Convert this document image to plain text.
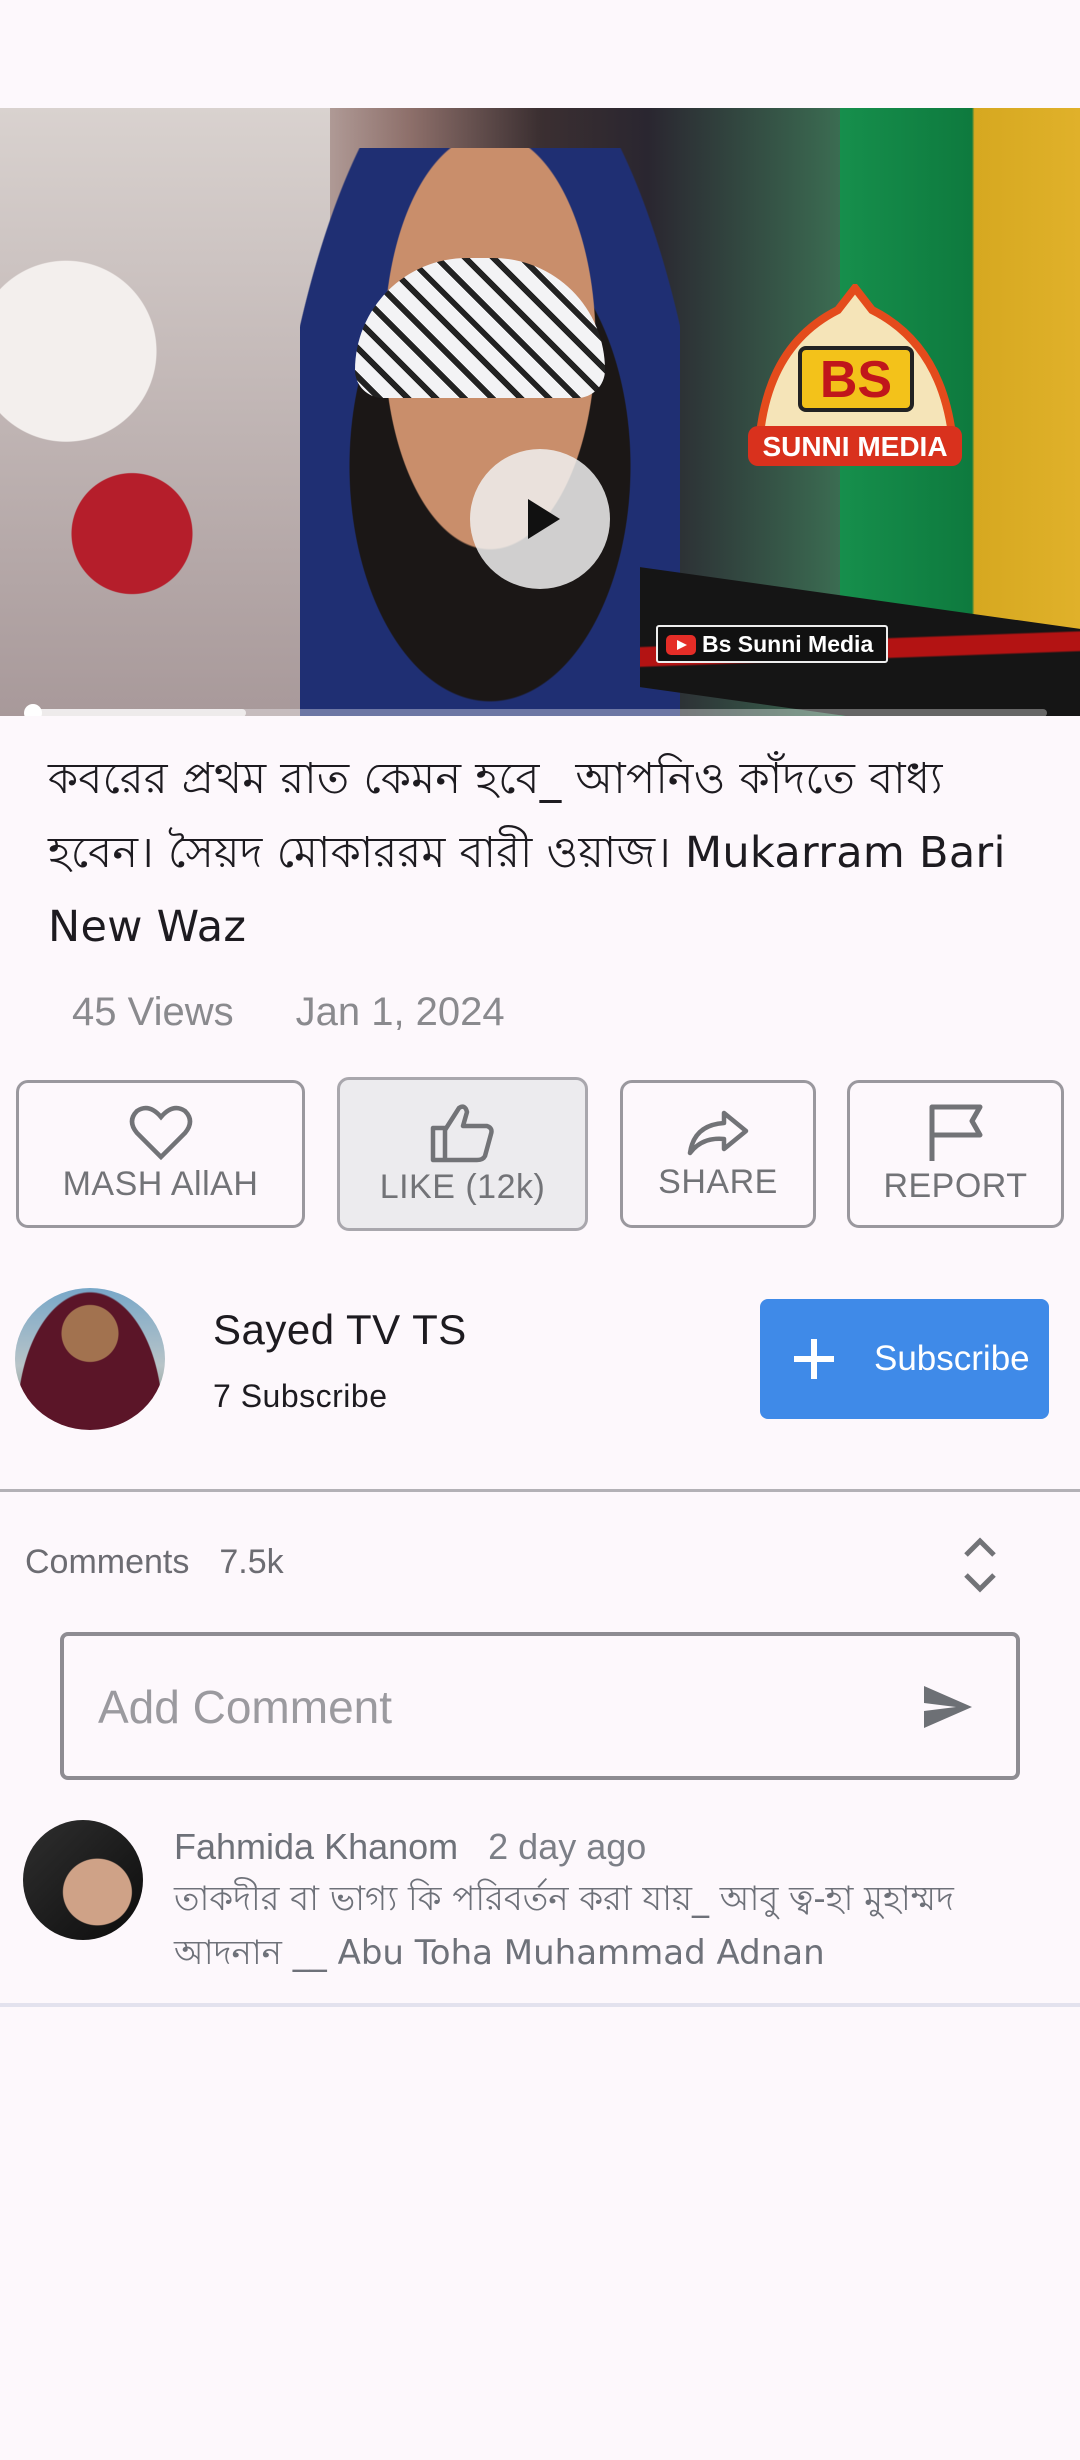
BS
SUNNI MEDIA
Bs Sunni Media
কবরের প্রথম রাত কেমন হবে_ আপনিও কাঁদতে বাধ্য হবেন। সৈয়দ মোকাররম বারী ওয়াজ। Mukarram Bari New Waz
45 Views Jan 1, 2024
MASH AllAH	LIKE (12k)	SHARE	REPORT
Sayed TV TS
7 Subscribe
Subscribe
Comments 7.5k
Add Comment
Fahmida Khanom 2 day ago
তাকদীর বা ভাগ্য কি পরিবর্তন করা যায়_ আবু ত্ব-হা মুহাম্মদ আদনান __ Abu Toha Muhammad Adnan
